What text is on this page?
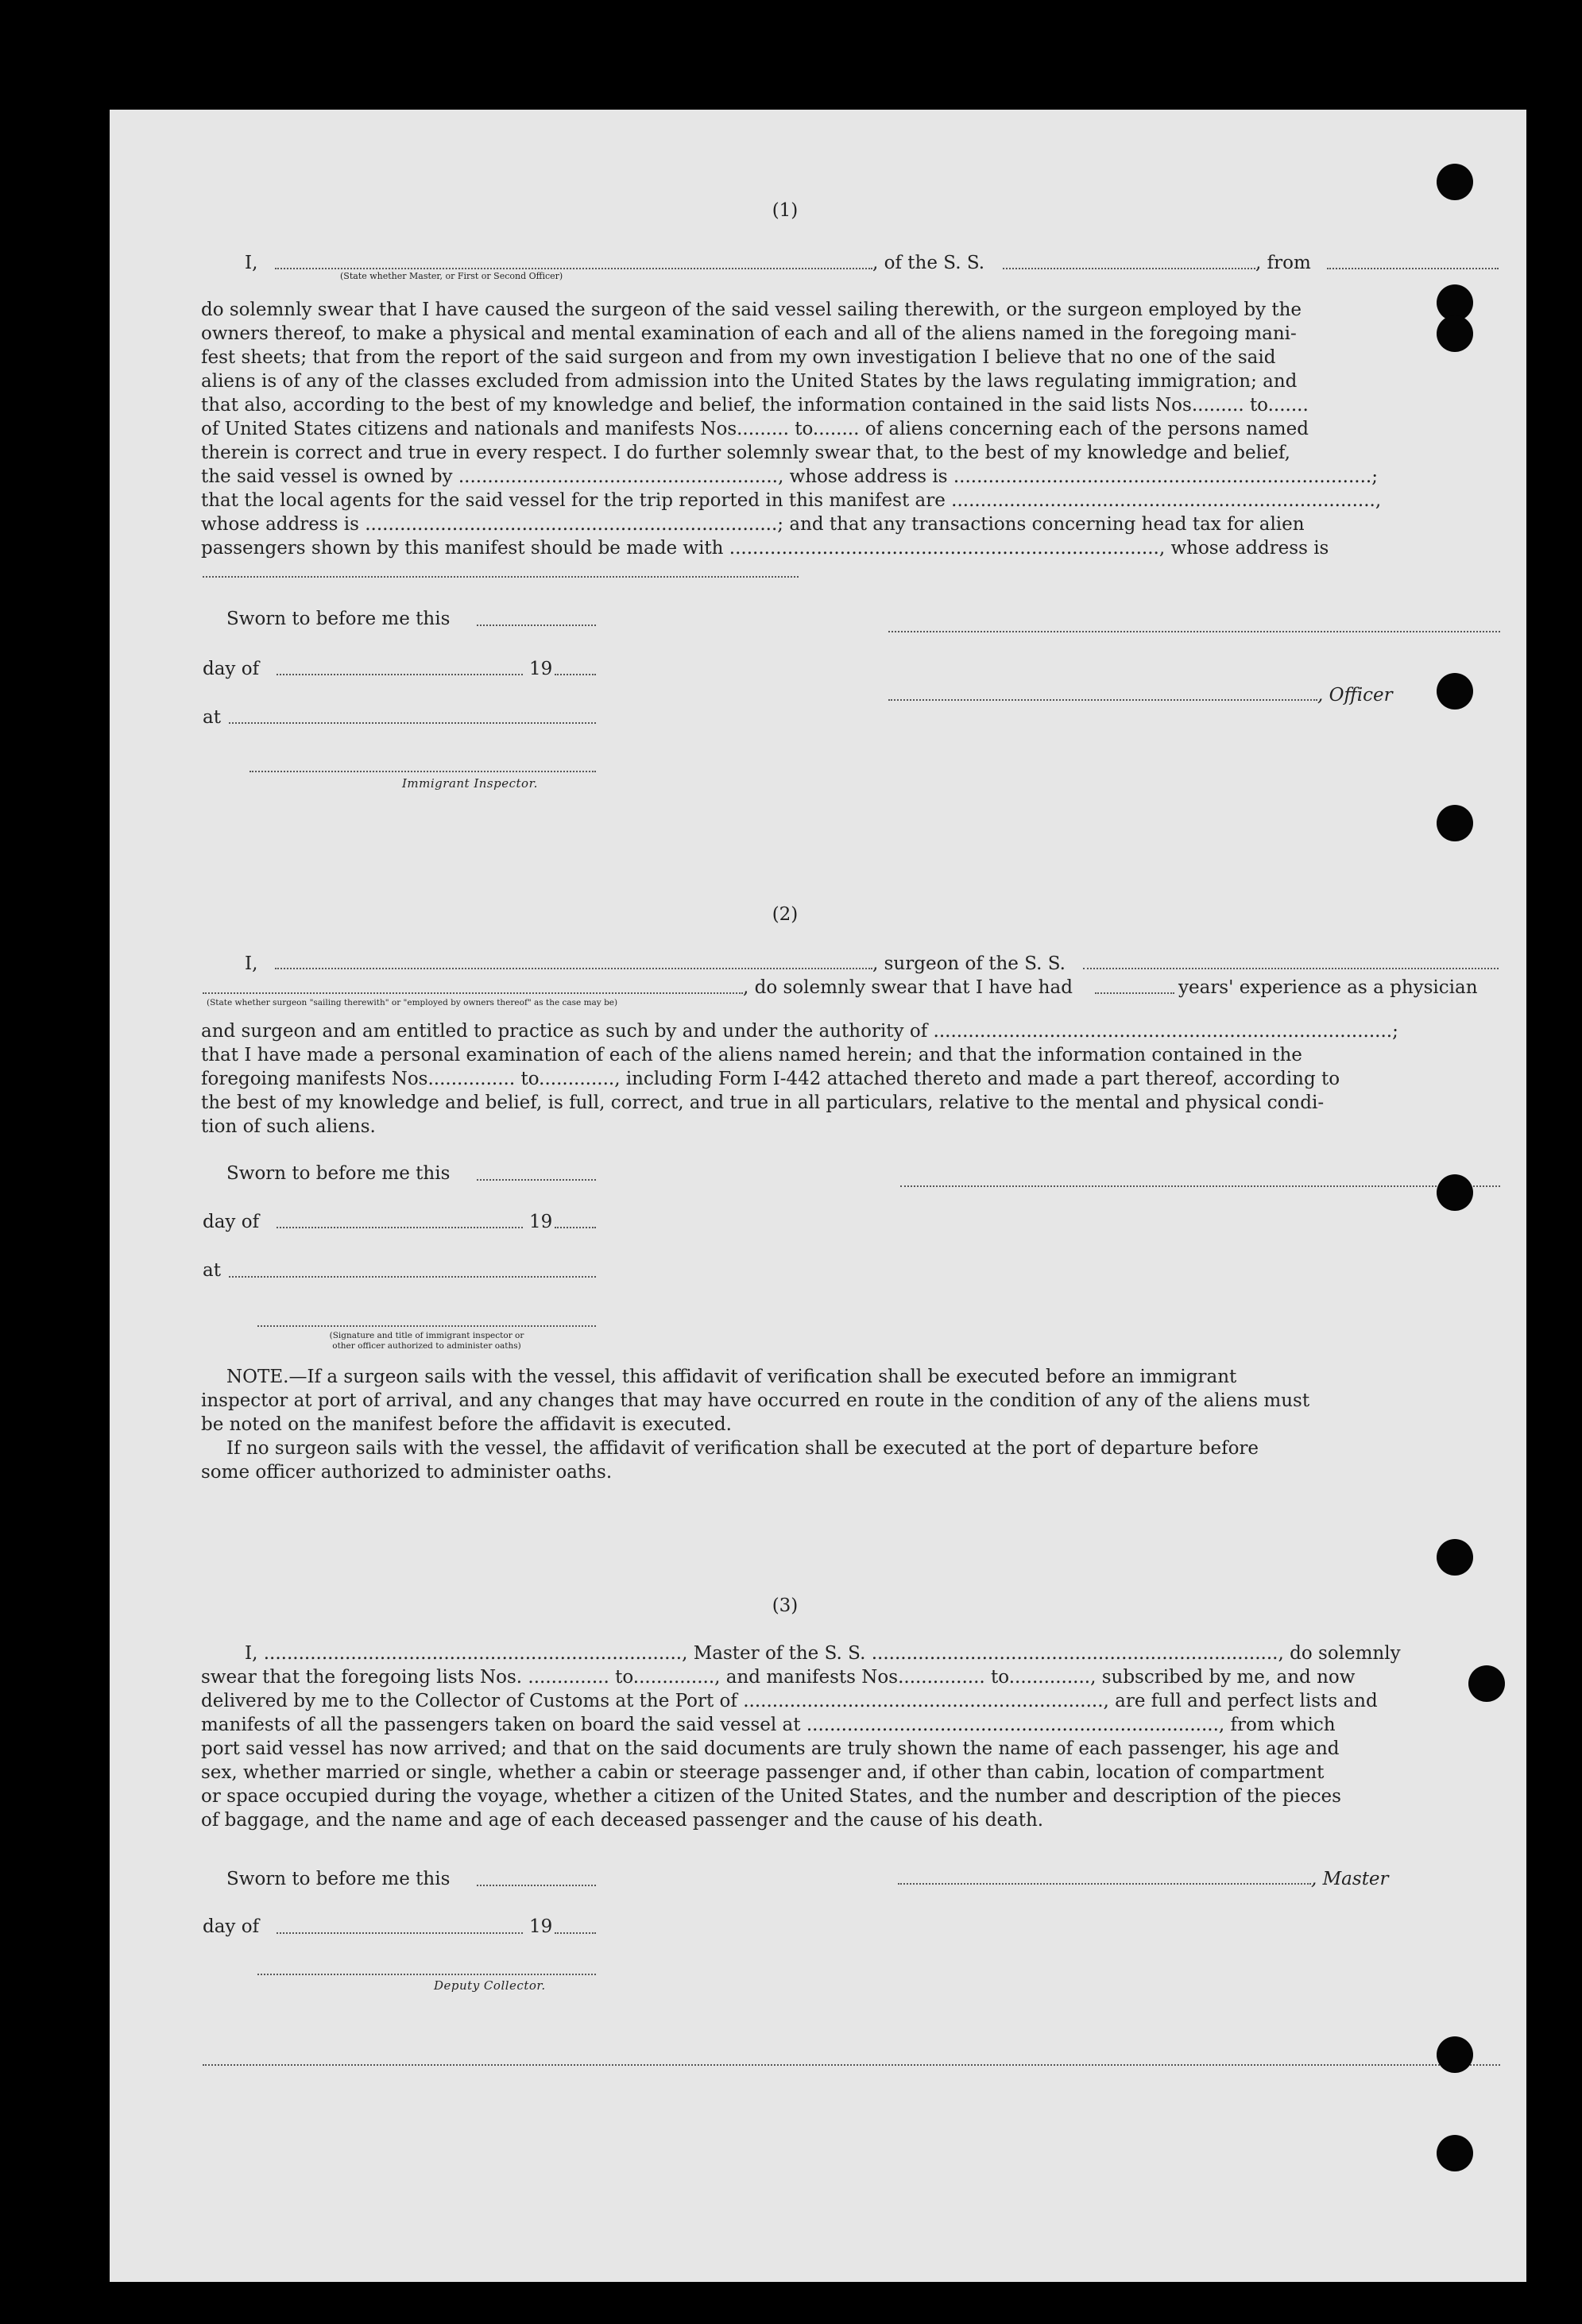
(1)
I,	, of the S. S.	, from
(State whether Master, or First or Second Officer)
do solemnly swear that I have caused the surgeon of the said vessel sailing therewith, or the surgeon employed by the
owners thereof, to make a physical and mental examination of each and all of the aliens named in the foregoing mani-
fest sheets; that from the report of the said surgeon and from my own investigation I believe that no one of the said
aliens is of any of the classes excluded from admission into the United States by the laws regulating immigration; and
that also, according to the best of my knowledge and belief, the information contained in the said lists Nos......... to.......
of United States citizens and nationals and manifests Nos......... to........ of aliens concerning each of the persons named
therein is correct and true in every respect. I do further solemnly swear that, to the best of my knowledge and belief,
the said vessel is owned by ......................................................., whose address is ........................................................................;
that the local agents for the said vessel for the trip reported in this manifest are .........................................................................,
whose address is .......................................................................; and that any transactions concerning head tax for alien
passengers shown by this manifest should be made with .........................................................................., whose address is
Sworn to before me this
day of	19
, Officer
at
Immigrant Inspector.
(2)
I,	, surgeon of the S. S.
, do solemnly swear that I have had	years' experience as a physician
(State whether surgeon "sailing therewith" or "employed by owners thereof" as the case may be)
and surgeon and am entitled to practice as such by and under the authority of ...............................................................................;
that I have made a personal examination of each of the aliens named herein; and that the information contained in the
foregoing manifests Nos............... to............., including Form I-442 attached thereto and made a part thereof, according to
the best of my knowledge and belief, is full, correct, and true in all particulars, relative to the mental and physical condi-
tion of such aliens.
Sworn to before me this
day of	19
at
(Signature and title of immigrant inspector or
other officer authorized to administer oaths)
NOTE.—If a surgeon sails with the vessel, this affidavit of verification shall be executed before an immigrant
inspector at port of arrival, and any changes that may have occurred en route in the condition of any of the aliens must
be noted on the manifest before the affidavit is executed.
If no surgeon sails with the vessel, the affidavit of verification shall be executed at the port of departure before
some officer authorized to administer oaths.
(3)
I, ........................................................................, Master of the S. S. ......................................................................, do solemnly
swear that the foregoing lists Nos. .............. to.............., and manifests Nos............... to.............., subscribed by me, and now
delivered by me to the Collector of Customs at the Port of .............................................................., are full and perfect lists and
manifests of all the passengers taken on board the said vessel at ......................................................................., from which
port said vessel has now arrived; and that on the said documents are truly shown the name of each passenger, his age and
sex, whether married or single, whether a cabin or steerage passenger and, if other than cabin, location of compartment
or space occupied during the voyage, whether a citizen of the United States, and the number and description of the pieces
of baggage, and the name and age of each deceased passenger and the cause of his death.
Sworn to before me this	, Master
day of	19
Deputy Collector.
